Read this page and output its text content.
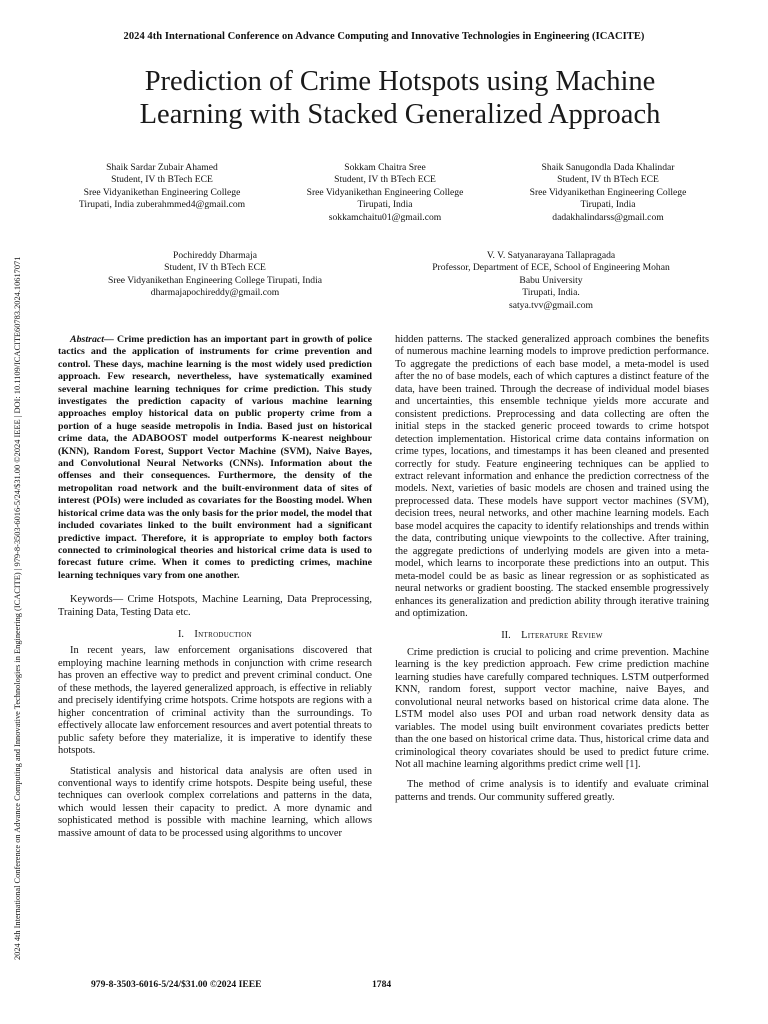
2024 4th International Conference on Advance Computing and Innovative Technologies in Engineering (ICACITE)
2024 4th International Conference on Advance Computing and Innovative Technologies in Engineering (ICACITE) | 979-8-3503-6016-5/24/$31.00 ©2024 IEEE | DOI: 10.1109/ICACITE60783.2024.10617071
Prediction of Crime Hotspots using Machine
Learning with Stacked Generalized Approach
Shaik Sardar Zubair Ahamed
Student, IV th BTech ECE
Sree Vidyanikethan Engineering College
Tirupati, India zuberahmmed4@gmail.com
Sokkam Chaitra Sree
Student, IV th BTech ECE
Sree Vidyanikethan Engineering College
Tirupati, India
sokkamchaitu01@gmail.com
Shaik Sanugondla Dada Khalindar
Student, IV th BTech ECE
Sree Vidyanikethan Engineering College
Tirupati, India
dadakhalindarss@gmail.com
Pochireddy Dharmaja
Student, IV th BTech ECE
Sree Vidyanikethan Engineering College Tirupati, India
dharmajapochireddy@gmail.com
V. V. Satyanarayana Tallapragada
Professor, Department of ECE, School of Engineering Mohan
Babu University
Tirupati, India.
satya.tvv@gmail.com

Abstract— Crime prediction has an important part in growth of police tactics and the application of instruments for crime prevention and control. These days, machine learning is the most widely used prediction approach. Few research, nevertheless, have systematically examined several machine learning techniques for crime prediction. This study investigates the prediction capacity of various machine learning approaches employ historical data on public property crime from a portion of a huge seaside metropolis in India. Based just on historical crime data, the ADABOOST model outperforms K-nearest neighbour (KNN), Random Forest, Support Vector Machine (SVM), Naive Bayes, and Convolutional Neural Networks (CNNs). Information about the offenses and their consequences. Furthermore, the density of the metropolitan road network and the built-environment data of sites of interest (POIs) were included as covariates for the Boosting model. When historical crime data was the only basis for the prior model, the model that included covariates linked to the built environment had a significant predictive impact. Therefore, it is appropriate to employ both factors connected to criminological theories and historical crime data is used to forecast future crime. When it comes to predicting crimes, machine learning techniques vary from one another.

Keywords— Crime Hotspots, Machine Learning, Data Preprocessing, Training Data, Testing Data etc.

I. Introduction

In recent years, law enforcement organisations discovered that employing machine learning methods in conjunction with crime research has proven an effective way to predict and prevent criminal conduct. One of these methods, the layered generalized approach, is effective in reliably and precisely identifying crime hotspots. Crime hotspots are regions with a higher concentration of criminal activity than the surroundings. To effectively allocate law enforcement resources and avert potential threats to public safety before they materialize, it is imperative to identify these hotspots.

Statistical analysis and historical data analysis are often used in conventional ways to identify crime hotspots. Despite being useful, these techniques can overlook complex correlations and patterns in the data, which would lessen their capacity to predict. A more dynamic and sophisticated method is possible with machine learning, which allows massive amount of data to be processed using algorithms to uncover

hidden patterns. The stacked generalized approach combines the benefits of numerous machine learning models to improve prediction performance. To aggregate the predictions of each base model, a meta-model is used after the no of base models, each of which captures a distinct feature of the data, have been trained. Through the decrease of individual model biases and uncertainties, this ensemble technique yields more accurate and consistent predictions. Preprocessing and data collecting are often the initial steps in the stacked generic proceed towards to crime hotspot detection implementation. Historical crime data contains information on crime types, locations, and timestamps it has been cleaned and presented correctly for study. Feature engineering techniques can be applied to extract relevant information and enhance the prediction correctness of the models. Next, varieties of basic models are chosen and trained using the preprocessed data. These models have support vector machines (SVM), decision trees, neural networks, and other machine learning models. Each base model acquires the capacity to identify relationships and trends within the data, contributing unique viewpoints to the collective. After training, the aggregate predictions of underlying models are given into a meta-model, which learns to incorporate these predictions into an output. This meta-model could be as basic as linear regression or as sophisticated as neural networks or gradient boosting. The stacked ensemble progressively enhances its generalization and prediction ability through iterative training and optimization.

II. Literature Review

Crime prediction is crucial to policing and crime prevention. Machine learning is the key prediction approach. Few crime prediction machine learning studies have carefully compared techniques. LSTM outperformed KNN, random forest, support vector machine, naive Bayes, and convolutional neural networks based on historical crime data alone. The LSTM model also uses POI and urban road network density data as variables. The model using built environment covariates predicts better than the one based on historical crime data. Thus, historical crime data and criminological theory covariates should be used to predict future crime. Not all machine learning algorithms predict crime well [1].

The method of crime analysis is to identify and evaluate criminal patterns and trends. Our community suffered greatly.

979-8-3503-6016-5/24/$31.00 ©2024 IEEE	1784
